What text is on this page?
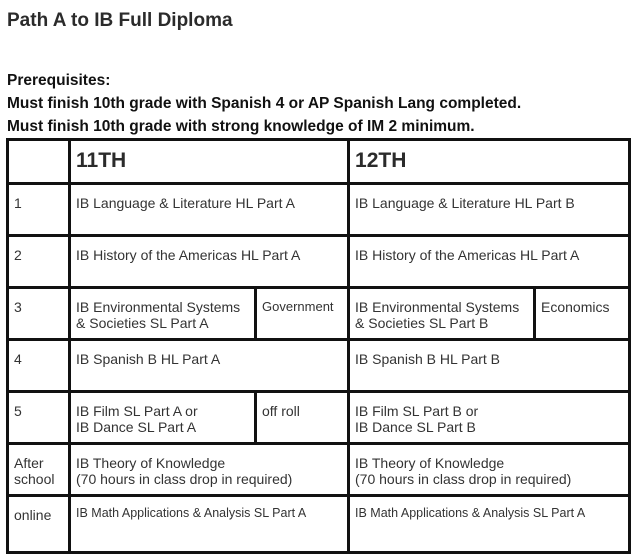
Path A to IB Full Diploma
Prerequisites:
Must finish 10th grade with Spanish 4 or AP Spanish Lang completed.
Must finish 10th grade with strong knowledge of IM 2 minimum.
	11TH		12TH	
1	IB Language & Literature HL Part A		IB Language & Literature HL Part B	

2	IB History of the Americas HL Part A		IB History of the Americas HL Part A	

3	IB Environmental Systems
& Societies SL Part A	Government	IB Environmental Systems
& Societies SL Part B	Economics
4	IB Spanish B HL Part A		IB Spanish B HL Part B	

5	IB Film SL Part A or
IB Dance SL Part A	off roll	IB Film SL Part B or
IB Dance SL Part B	

After
school	IB Theory of Knowledge
(70 hours in class drop in required)		IB Theory of Knowledge
(70 hours in class drop in required)	

online	IB Math Applications & Analysis SL Part A		IB Math Applications & Analysis SL Part A	
